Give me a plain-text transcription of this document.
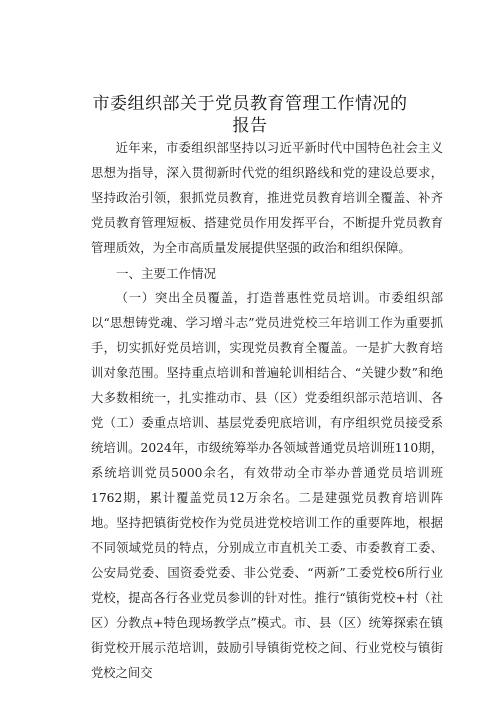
市委组织部关于党员教育管理工作情况的
报告

近年来，市委组织部坚持以习近平新时代中国特色社会主义思想为指导，深入贯彻新时代党的组织路线和党的建设总要求，坚持政治引领，狠抓党员教育，推进党员教育培训全覆盖、补齐党员教育管理短板、搭建党员作用发挥平台，不断提升党员教育管理质效，为全市高质量发展提供坚强的政治和组织保障。

一、主要工作情况

（一）突出全员覆盖，打造普惠性党员培训。市委组织部以“思想铸党魂、学习增斗志”党员进党校三年培训工作为重要抓手，切实抓好党员培训，实现党员教育全覆盖。一是扩大教育培训对象范围。坚持重点培训和普遍轮训相结合、“关键少数”和绝大多数相统一，扎实推动市、县（区）党委组织部示范培训、各党（工）委重点培训、基层党委兜底培训，有序组织党员接受系统培训。2024年，市级统筹举办各领域普通党员培训班110期，系统培训党员5000余名，有效带动全市举办普通党员培训班1762期，累计覆盖党员12万余名。二是建强党员教育培训阵地。坚持把镇街党校作为党员进党校培训工作的重要阵地，根据不同领域党员的特点，分别成立市直机关工委、市委教育工委、公安局党委、国资委党委、非公党委、“两新”工委党校6所行业党校，提高各行各业党员参训的针对性。推行“镇街党校+村（社区）分教点+特色现场教学点”模式。市、县（区）统筹探索在镇街党校开展示范培训，鼓励引导镇街党校之间、行业党校与镇街党校之间交
